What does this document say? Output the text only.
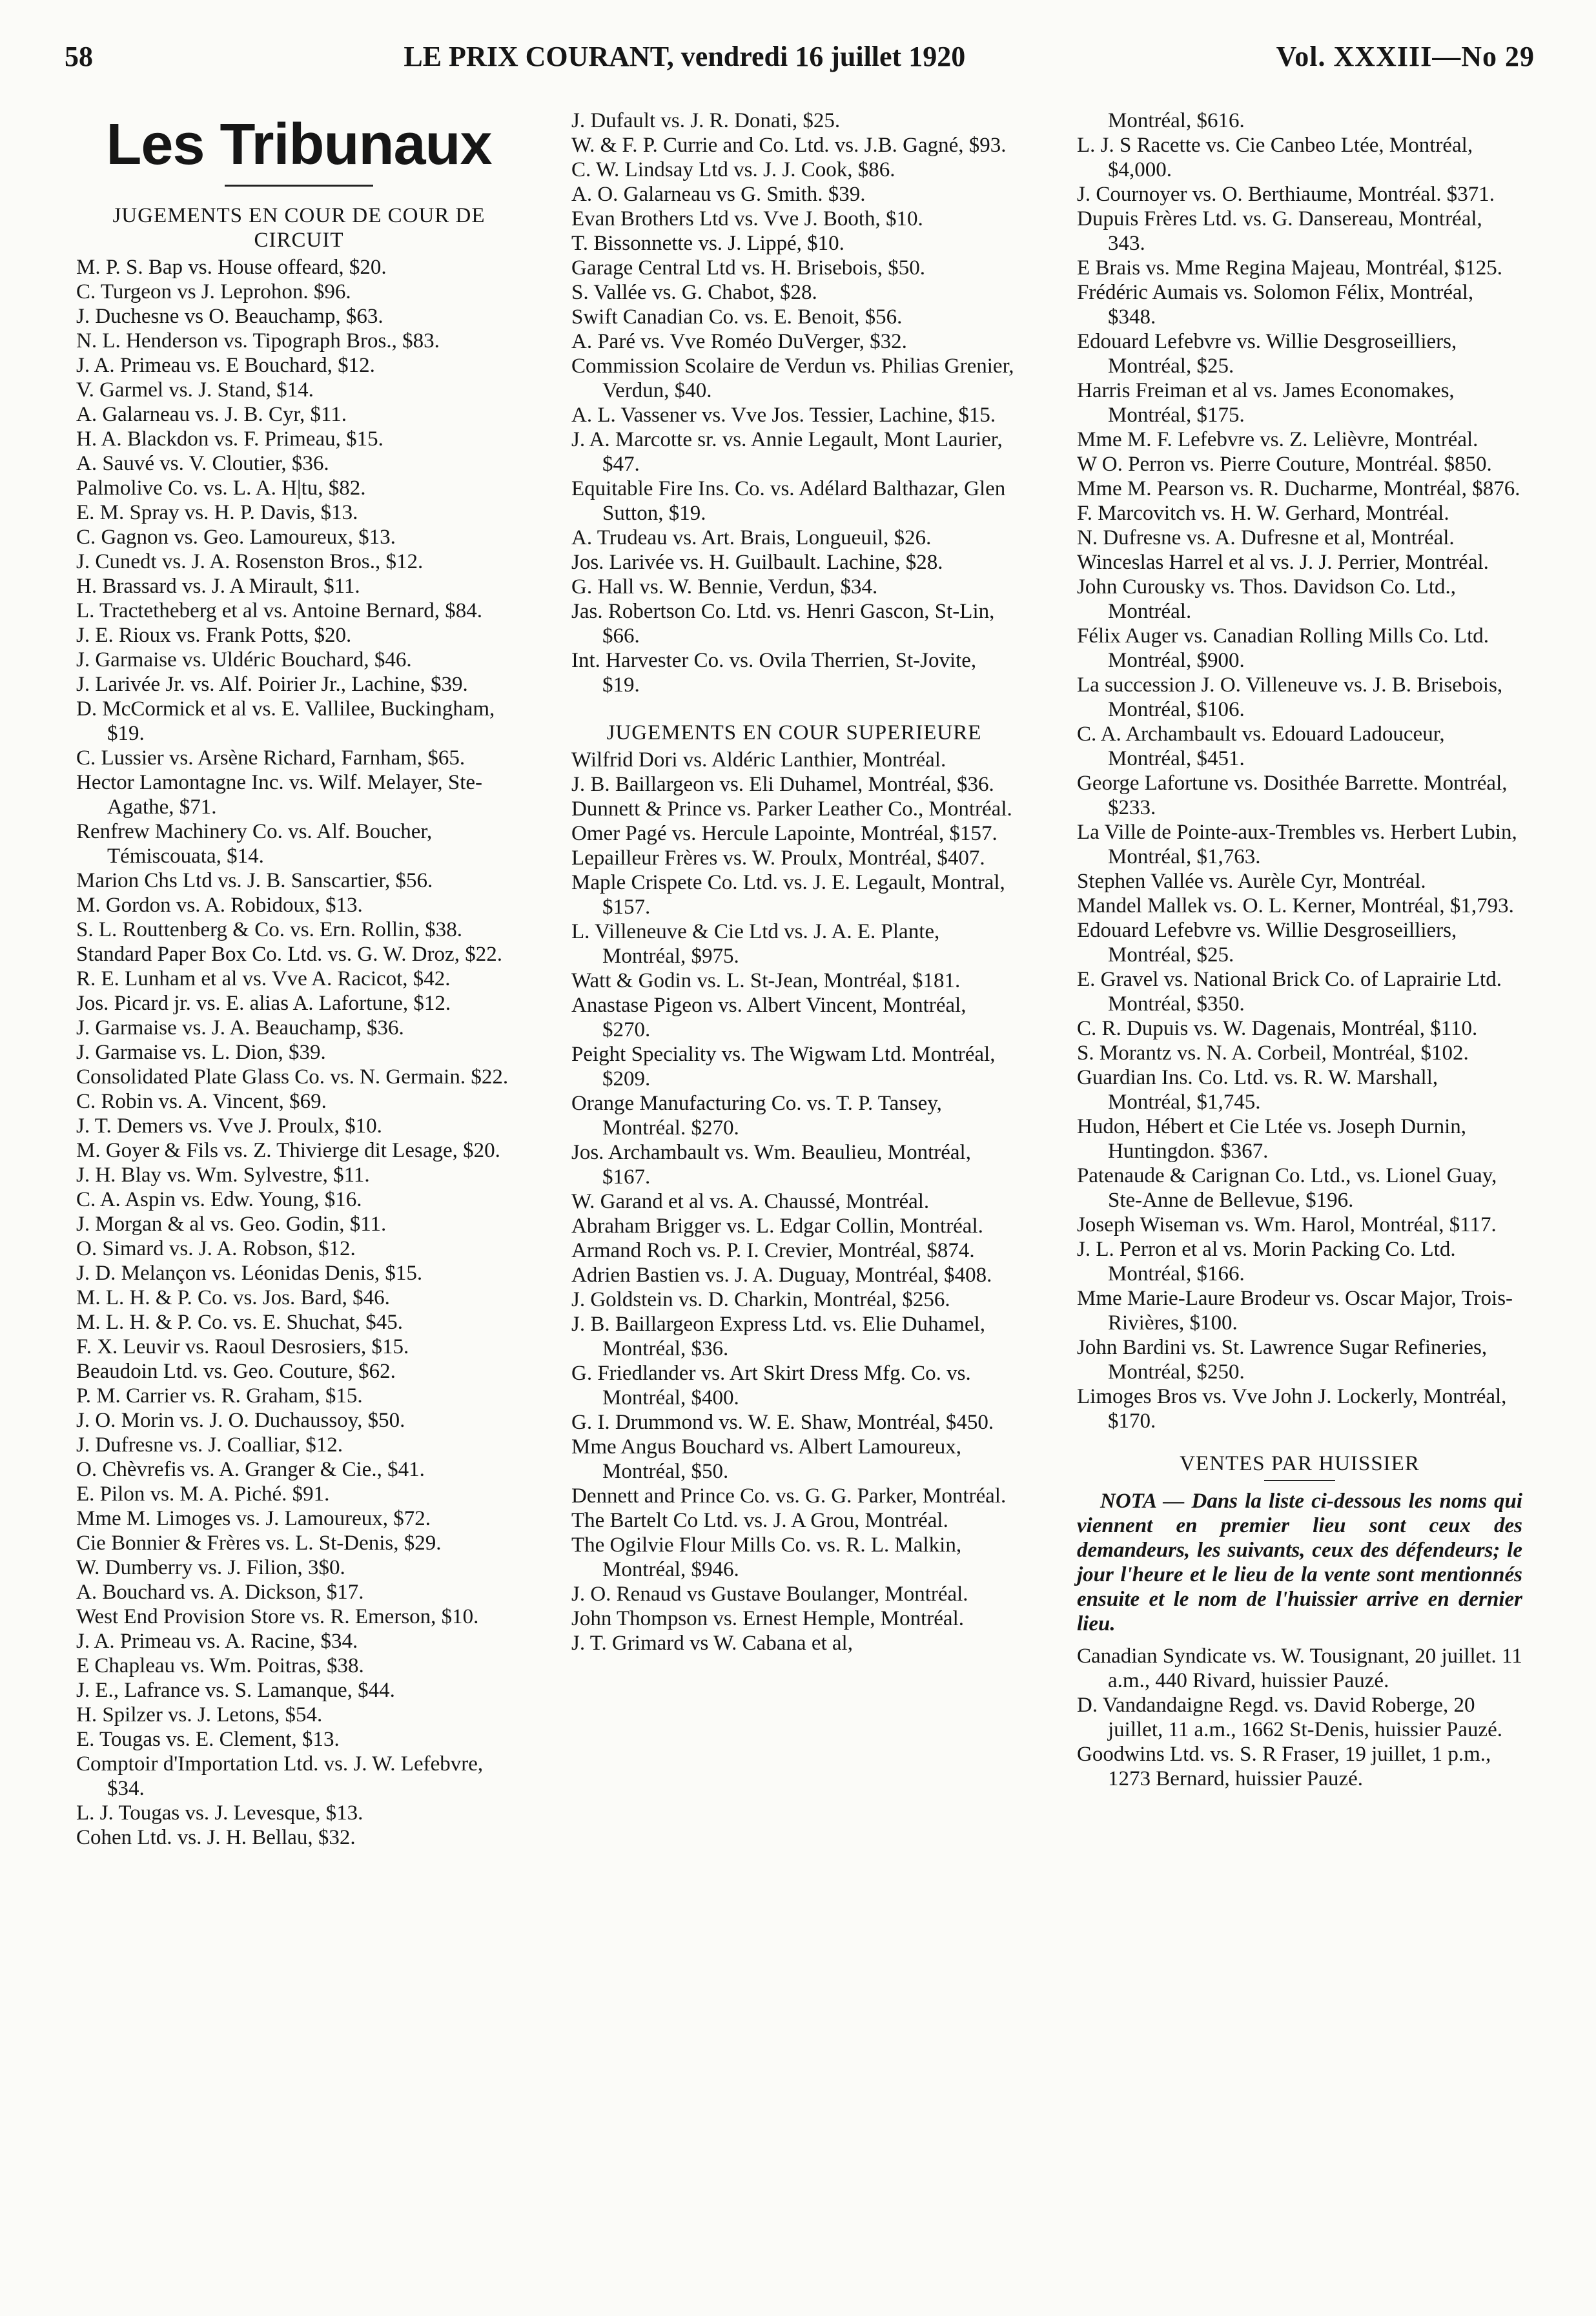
58	LE PRIX COURANT, vendredi 16 juillet 1920	Vol. XXXIII—No 29
Les Tribunaux
JUGEMENTS EN COUR DE COUR DE CIRCUIT

M. P. S. Bap vs. House offeard, $20.

C. Turgeon vs J. Leprohon. $96.

J. Duchesne vs O. Beauchamp, $63.

N. L. Henderson vs. Tipograph Bros., $83.

J. A. Primeau vs. E Bouchard, $12.

V. Garmel vs. J. Stand, $14.

A. Galarneau vs. J. B. Cyr, $11.

H. A. Blackdon vs. F. Primeau, $15.

A. Sauvé vs. V. Cloutier, $36.

Palmolive Co. vs. L. A. H|tu, $82.

E. M. Spray vs. H. P. Davis, $13.

C. Gagnon vs. Geo. Lamoureux, $13.

J. Cunedt vs. J. A. Rosenston Bros., $12.

H. Brassard vs. J. A Mirault, $11.

L. Tractetheberg et al vs. Antoine Bernard, $84.

J. E. Rioux vs. Frank Potts, $20.

J. Garmaise vs. Uldéric Bouchard, $46.

J. Larivée Jr. vs. Alf. Poirier Jr., Lachine, $39.

D. McCormick et al vs. E. Vallilee, Buckingham, $19.

C. Lussier vs. Arsène Richard, Farnham, $65.

Hector Lamontagne Inc. vs. Wilf. Melayer, Ste-Agathe, $71.

Renfrew Machinery Co. vs. Alf. Boucher, Témiscouata, $14.

Marion Chs Ltd vs. J. B. Sanscartier, $56.

M. Gordon vs. A. Robidoux, $13.

S. L. Routtenberg & Co. vs. Ern. Rollin, $38.

Standard Paper Box Co. Ltd. vs. G. W. Droz, $22.

R. E. Lunham et al vs. Vve A. Racicot, $42.

Jos. Picard jr. vs. E. alias A. Lafortune, $12.

J. Garmaise vs. J. A. Beauchamp, $36.

J. Garmaise vs. L. Dion, $39.

Consolidated Plate Glass Co. vs. N. Germain. $22.

C. Robin vs. A. Vincent, $69.

J. T. Demers vs. Vve J. Proulx, $10.

M. Goyer & Fils vs. Z. Thivierge dit Lesage, $20.

J. H. Blay vs. Wm. Sylvestre, $11.

C. A. Aspin vs. Edw. Young, $16.

J. Morgan & al vs. Geo. Godin, $11.

O. Simard vs. J. A. Robson, $12.

J. D. Melançon vs. Léonidas Denis, $15.

M. L. H. & P. Co. vs. Jos. Bard, $46.

M. L. H. & P. Co. vs. E. Shuchat, $45.

F. X. Leuvir vs. Raoul Desrosiers, $15.

Beaudoin Ltd. vs. Geo. Couture, $62.

P. M. Carrier vs. R. Graham, $15.

J. O. Morin vs. J. O. Duchaussoy, $50.

J. Dufresne vs. J. Coalliar, $12.

O. Chèvrefis vs. A. Granger & Cie., $41.

E. Pilon vs. M. A. Piché. $91.

Mme M. Limoges vs. J. Lamoureux, $72.

Cie Bonnier & Frères vs. L. St-Denis, $29.

W. Dumberry vs. J. Filion, 3$0.

A. Bouchard vs. A. Dickson, $17.

West End Provision Store vs. R. Emerson, $10.

J. A. Primeau vs. A. Racine, $34.

E Chapleau vs. Wm. Poitras, $38.

J. E., Lafrance vs. S. Lamanque, $44.

H. Spilzer vs. J. Letons, $54.

E. Tougas vs. E. Clement, $13.

Comptoir d'Importation Ltd. vs. J. W. Lefebvre, $34.

L. J. Tougas vs. J. Levesque, $13.

Cohen Ltd. vs. J. H. Bellau, $32.

J. Dufault vs. J. R. Donati, $25.

W. & F. P. Currie and Co. Ltd. vs. J.B. Gagné, $93.

C. W. Lindsay Ltd vs. J. J. Cook, $86.

A. O. Galarneau vs G. Smith. $39.

Evan Brothers Ltd vs. Vve J. Booth, $10.

T. Bissonnette vs. J. Lippé, $10.

Garage Central Ltd vs. H. Brisebois, $50.

S. Vallée vs. G. Chabot, $28.

Swift Canadian Co. vs. E. Benoit, $56.

A. Paré vs. Vve Roméo DuVerger, $32.

Commission Scolaire de Verdun vs. Philias Grenier, Verdun, $40.

A. L. Vassener vs. Vve Jos. Tessier, Lachine, $15.

J. A. Marcotte sr. vs. Annie Legault, Mont Laurier, $47.

Equitable Fire Ins. Co. vs. Adélard Balthazar, Glen Sutton, $19.

A. Trudeau vs. Art. Brais, Longueuil, $26.

Jos. Larivée vs. H. Guilbault. Lachine, $28.

G. Hall vs. W. Bennie, Verdun, $34.

Jas. Robertson Co. Ltd. vs. Henri Gascon, St-Lin, $66.

Int. Harvester Co. vs. Ovila Therrien, St-Jovite, $19.

JUGEMENTS EN COUR SUPERIEURE

Wilfrid Dori vs. Aldéric Lanthier, Montréal.

J. B. Baillargeon vs. Eli Duhamel, Montréal, $36.

Dunnett & Prince vs. Parker Leather Co., Montréal.

Omer Pagé vs. Hercule Lapointe, Montréal, $157.

Lepailleur Frères vs. W. Proulx, Montréal, $407.

Maple Crispete Co. Ltd. vs. J. E. Legault, Montral, $157.

L. Villeneuve & Cie Ltd vs. J. A. E. Plante, Montréal, $975.

Watt & Godin vs. L. St-Jean, Montréal, $181.

Anastase Pigeon vs. Albert Vincent, Montréal, $270.

Peight Speciality vs. The Wigwam Ltd. Montréal, $209.

Orange Manufacturing Co. vs. T. P. Tansey, Montréal. $270.

Jos. Archambault vs. Wm. Beaulieu, Montréal, $167.

W. Garand et al vs. A. Chaussé, Montréal.

Abraham Brigger vs. L. Edgar Collin, Montréal.

Armand Roch vs. P. I. Crevier, Montréal, $874.

Adrien Bastien vs. J. A. Duguay, Montréal, $408.

J. Goldstein vs. D. Charkin, Montréal, $256.

J. B. Baillargeon Express Ltd. vs. Elie Duhamel, Montréal, $36.

G. Friedlander vs. Art Skirt Dress Mfg. Co. vs. Montréal, $400.

G. I. Drummond vs. W. E. Shaw, Montréal, $450.

Mme Angus Bouchard vs. Albert Lamoureux, Montréal, $50.

Dennett and Prince Co. vs. G. G. Parker, Montréal.

The Bartelt Co Ltd. vs. J. A Grou, Montréal.

The Ogilvie Flour Mills Co. vs. R. L. Malkin, Montréal, $946.

J. O. Renaud vs Gustave Boulanger, Montréal.

John Thompson vs. Ernest Hemple, Montréal.

J. T. Grimard vs W. Cabana et al,

Montréal, $616.

L. J. S Racette vs. Cie Canbeo Ltée, Montréal, $4,000.

J. Cournoyer vs. O. Berthiaume, Montréal. $371.

Dupuis Frères Ltd. vs. G. Dansereau, Montréal, 343.

E Brais vs. Mme Regina Majeau, Montréal, $125.

Frédéric Aumais vs. Solomon Félix, Montréal, $348.

Edouard Lefebvre vs. Willie Desgroseilliers, Montréal, $25.

Harris Freiman et al vs. James Economakes, Montréal, $175.

Mme M. F. Lefebvre vs. Z. Lelièvre, Montréal.

W O. Perron vs. Pierre Couture, Montréal. $850.

Mme M. Pearson vs. R. Ducharme, Montréal, $876.

F. Marcovitch vs. H. W. Gerhard, Montréal.

N. Dufresne vs. A. Dufresne et al, Montréal.

Winceslas Harrel et al vs. J. J. Perrier, Montréal.

John Curousky vs. Thos. Davidson Co. Ltd., Montréal.

Félix Auger vs. Canadian Rolling Mills Co. Ltd. Montréal, $900.

La succession J. O. Villeneuve vs. J. B. Brisebois, Montréal, $106.

C. A. Archambault vs. Edouard Ladouceur, Montréal, $451.

George Lafortune vs. Dosithée Barrette. Montréal, $233.

La Ville de Pointe-aux-Trembles vs. Herbert Lubin, Montréal, $1,763.

Stephen Vallée vs. Aurèle Cyr, Montréal.

Mandel Mallek vs. O. L. Kerner, Montréal, $1,793.

Edouard Lefebvre vs. Willie Desgroseilliers, Montréal, $25.

E. Gravel vs. National Brick Co. of Laprairie Ltd. Montréal, $350.

C. R. Dupuis vs. W. Dagenais, Montréal, $110.

S. Morantz vs. N. A. Corbeil, Montréal, $102.

Guardian Ins. Co. Ltd. vs. R. W. Marshall, Montréal, $1,745.

Hudon, Hébert et Cie Ltée vs. Joseph Durnin, Huntingdon. $367.

Patenaude & Carignan Co. Ltd., vs. Lionel Guay, Ste-Anne de Bellevue, $196.

Joseph Wiseman vs. Wm. Harol, Montréal, $117.

J. L. Perron et al vs. Morin Packing Co. Ltd. Montréal, $166.

Mme Marie-Laure Brodeur vs. Oscar Major, Trois-Rivières, $100.

John Bardini vs. St. Lawrence Sugar Refineries, Montréal, $250.

Limoges Bros vs. Vve John J. Lockerly, Montréal, $170.

VENTES PAR HUISSIER

NOTA — Dans la liste ci-dessous les noms qui viennent en premier lieu sont ceux des demandeurs, les suivants, ceux des défendeurs; le jour l'heure et le lieu de la vente sont mentionnés ensuite et le nom de l'huissier arrive en dernier lieu.

Canadian Syndicate vs. W. Tousignant, 20 juillet. 11 a.m., 440 Rivard, huissier Pauzé.

D. Vandandaigne Regd. vs. David Roberge, 20 juillet, 11 a.m., 1662 St-Denis, huissier Pauzé.

Goodwins Ltd. vs. S. R Fraser, 19 juillet, 1 p.m., 1273 Bernard, huissier Pauzé.
